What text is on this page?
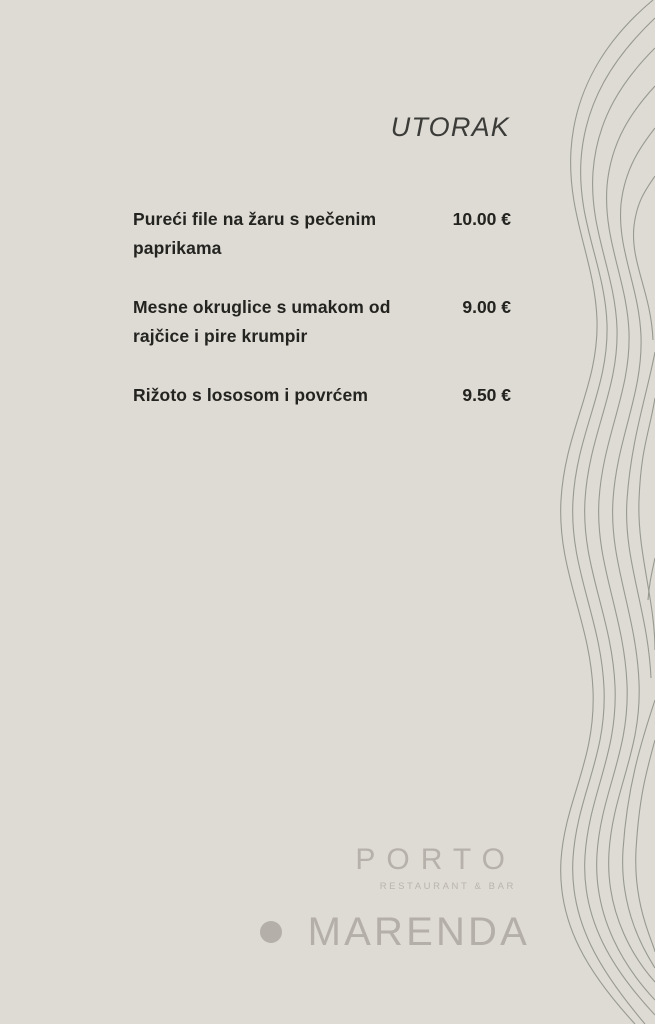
UTORAK
Pureći file na žaru s pečenim paprikama
10.00 €
Mesne okruglice s umakom od rajčice i pire krumpir
9.00 €
Rižoto s lososom i povrćem	9.50 €
PORTO
RESTAURANT & BAR
MARENDA
